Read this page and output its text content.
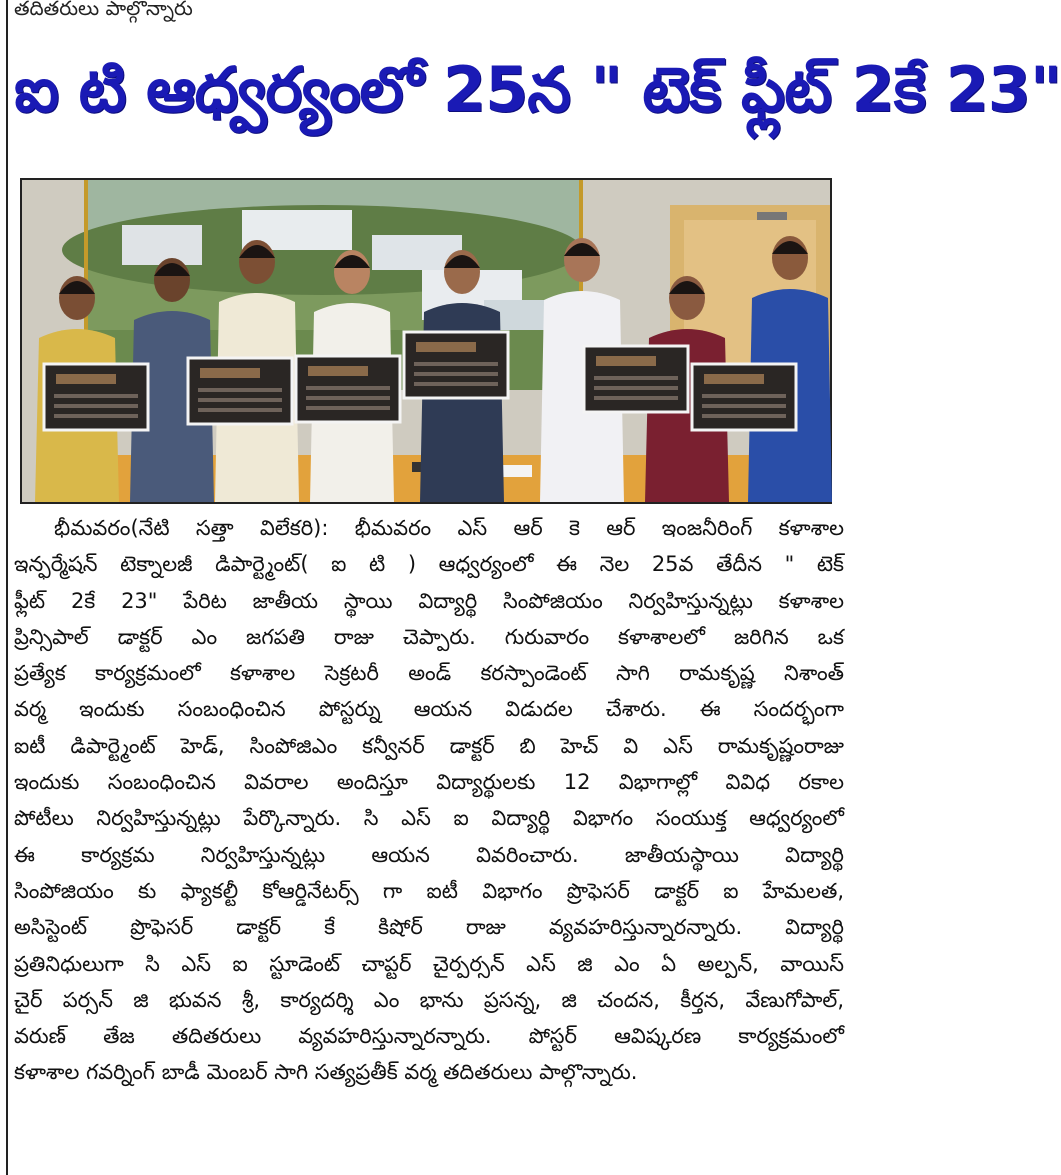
తదితరులు పాల్గొన్నారు
ఐ టి ఆధ్వర్యంలో 25న " టెక్ ఫ్లీట్ 2కే 23"
భీమవరం(నేటి సత్తా విలేకరి): భీమవరం ఎస్ ఆర్ కె ఆర్ ఇంజనీరింగ్ కళాశాల
ఇన్ఫర్మేషన్ టెక్నాలజీ డిపార్ట్మెంట్( ఐ టి ) ఆధ్వర్యంలో ఈ నెల 25వ తేదీన " టెక్
ఫ్లీట్ 2కే 23" పేరిట జాతీయ స్థాయి విద్యార్థి సింపోజియం నిర్వహిస్తున్నట్లు కళాశాల
ప్రిన్సిపాల్ డాక్టర్ ఎం జగపతి రాజు చెప్పారు. గురువారం కళాశాలలో జరిగిన ఒక
ప్రత్యేక కార్యక్రమంలో కళాశాల సెక్రటరీ అండ్ కరస్పాండెంట్ సాగి రామకృష్ణ నిశాంత్
వర్మ ఇందుకు సంబంధించిన పోస్టర్ను ఆయన విడుదల చేశారు. ఈ సందర్భంగా
ఐటీ డిపార్ట్మెంట్ హెడ్, సింపోజిఎం కన్వీనర్ డాక్టర్ బి హెచ్ వి ఎస్ రామకృష్ణంరాజు
ఇందుకు సంబంధించిన వివరాల అందిస్తూ విద్యార్థులకు 12 విభాగాల్లో వివిధ రకాల
పోటీలు నిర్వహిస్తున్నట్లు పేర్కొన్నారు. సి ఎస్ ఐ విద్యార్థి విభాగం సంయుక్త ఆధ్వర్యంలో
ఈ కార్యక్రమ నిర్వహిస్తున్నట్లు ఆయన వివరించారు. జాతీయస్థాయి విద్యార్థి
సింపోజియం కు ఫ్యాకల్టీ కోఆర్డినేటర్స్ గా ఐటీ విభాగం ప్రొఫెసర్ డాక్టర్ ఐ హేమలత,
అసిస్టెంట్ ప్రొఫెసర్ డాక్టర్ కే కిషోర్ రాజు వ్యవహరిస్తున్నారన్నారు. విద్యార్థి
ప్రతినిధులుగా సి ఎస్ ఐ స్టూడెంట్ చాప్టర్ చైర్పర్సన్ ఎస్ జి ఎం ఏ అల్పన్, వాయిస్
చైర్ పర్సన్ జి భువన శ్రీ, కార్యదర్శి ఎం భాను ప్రసన్న, జి చందన, కీర్తన, వేణుగోపాల్,
వరుణ్ తేజ తదితరులు వ్యవహరిస్తున్నారన్నారు. పోస్టర్ ఆవిష్కరణ కార్యక్రమంలో
కళాశాల గవర్నింగ్ బాడీ మెంబర్ సాగి సత్యప్రతీక్ వర్మ తదితరులు పాల్గొన్నారు.
